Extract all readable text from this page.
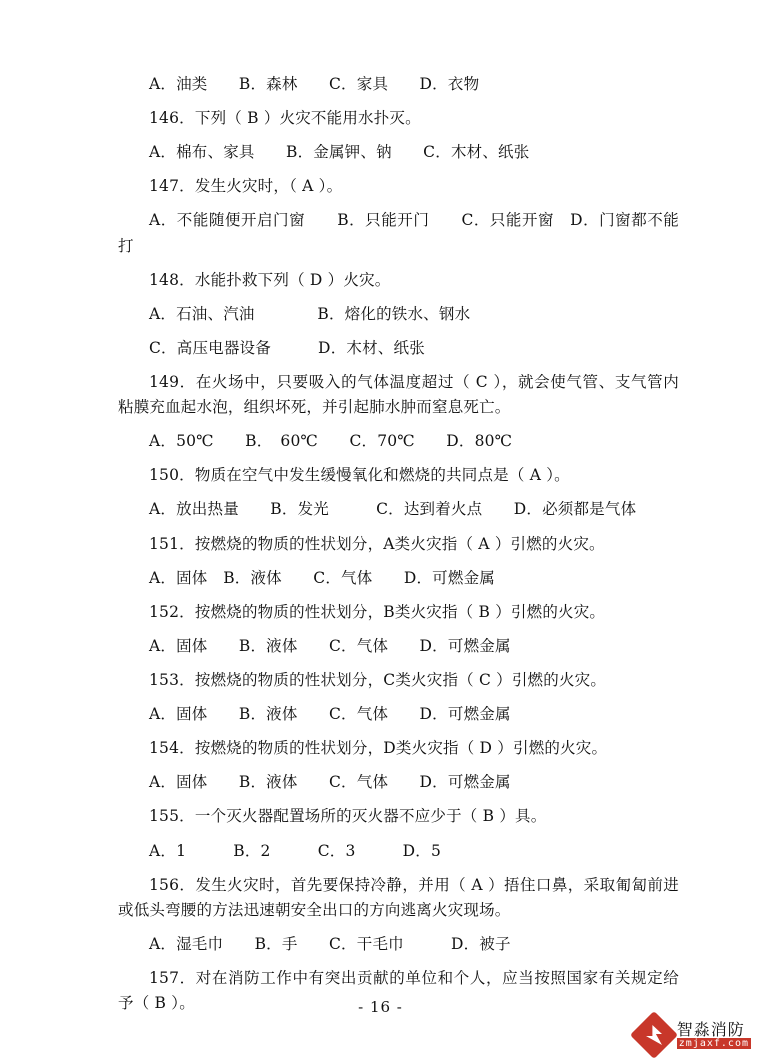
A．油类　　B．森林　　C．家具　　D．衣物

146．下列（ B ）火灾不能用水扑灭。

A．棉布、家具　　B．金属钾、钠　　C．木材、纸张

147．发生火灾时，（ A ）。

A．不能随便开启门窗　　B．只能开门　　C．只能开窗　D．门窗都不能打

148．水能扑救下列（ D ）火灾。

A．石油、汽油　　　　B．熔化的铁水、钢水

C．高压电器设备　　　D．木材、纸张

149．在火场中，只要吸入的气体温度超过（ C ），就会使气管、支气管内粘膜充血起水泡，组织坏死，并引起肺水肿而窒息死亡。

A．50℃　　B．　60℃　　C．70℃　　D．80℃

150．物质在空气中发生缓慢氧化和燃烧的共同点是（ A ）。

A．放出热量　　B．发光　　　C．达到着火点　　D．必须都是气体

151．按燃烧的物质的性状划分，A类火灾指（ A ）引燃的火灾。

A．固体　B．液体　　C．气体　　D．可燃金属

152．按燃烧的物质的性状划分，B类火灾指（ B ）引燃的火灾。

A．固体　　B．液体　　C．气体　　D．可燃金属

153．按燃烧的物质的性状划分，C类火灾指（ C ）引燃的火灾。

A．固体　　B．液体　　C．气体　　D．可燃金属

154．按燃烧的物质的性状划分，D类火灾指（ D ）引燃的火灾。

A．固体　　B．液体　　C．气体　　D．可燃金属

155．一个灭火器配置场所的灭火器不应少于（ B ）具。

A．1　　　B．2　　　C．3　　　D．5

156．发生火灾时，首先要保持冷静，并用（ A ）捂住口鼻，采取匍匐前进或低头弯腰的方法迅速朝安全出口的方向逃离火灾现场。

A．湿毛巾　　B．手　　C．干毛巾　　　D．被子

157．对在消防工作中有突出贡献的单位和个人，应当按照国家有关规定给予（ B ）。	- 16 -
智淼消防
zmjaxf.com
